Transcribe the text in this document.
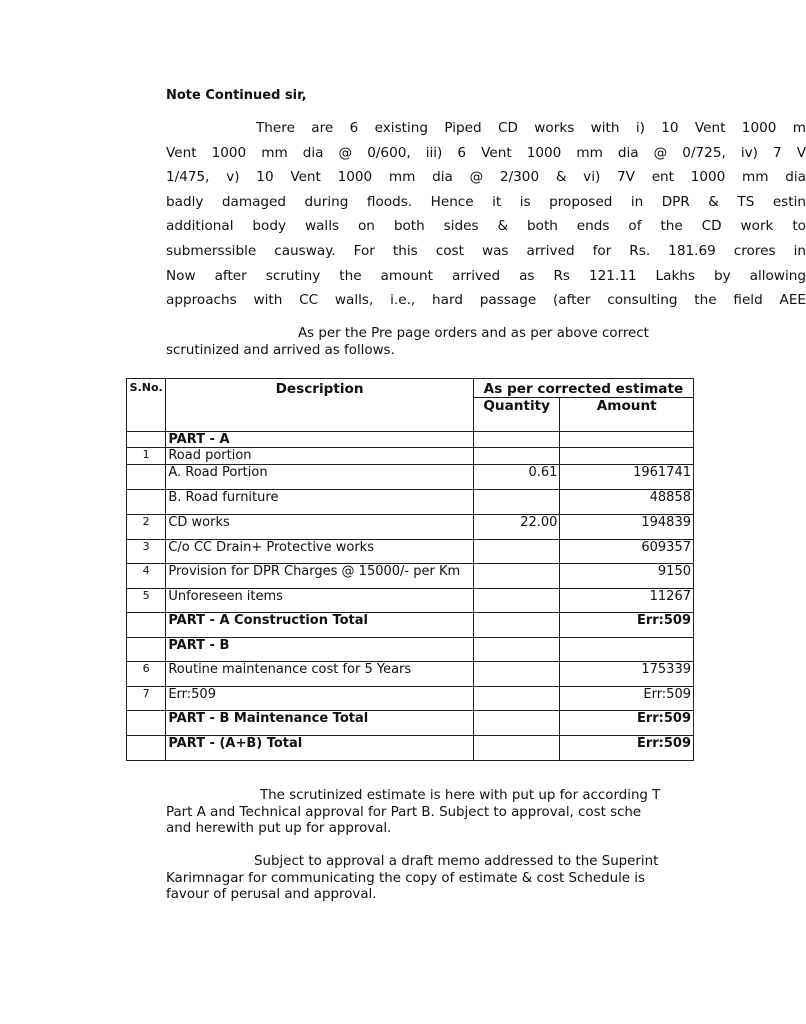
Note Continued sir,
There are 6 existing Piped CD works with i) 10 Vent 1000 m
Vent 1000 mm dia @ 0/600, iii) 6 Vent 1000 mm dia @ 0/725, iv) 7 V
1/475, v) 10 Vent 1000 mm dia @ 2/300 & vi) 7V ent 1000 mm dia
badly damaged during floods. Hence it is proposed in DPR & TS estin
additional body walls on both sides & both ends of the CD work to
submerssible causway. For this cost was arrived for Rs. 181.69 crores in
Now after scrutiny the amount arrived as Rs 121.11 Lakhs by allowing
approachs with CC walls, i.e., hard passage (after consulting the field AEE
As per the Pre page orders and as per above correct
scrutinized and arrived as follows.
S.No.	Description	As per corrected estimate	
		Quantity	Amount

	PART - A		
1	Road portion		
	A. Road Portion	0.61	1961741
	B. Road furniture		48858
2	CD works	22.00	194839
3	C/o CC Drain+ Protective works		609357
4	Provision for DPR Charges @ 15000/- per Km		9150
5	Unforeseen items		11267
	PART - A Construction Total		Err:509
	PART - B		
6	Routine maintenance cost for 5 Years		175339
7	Err:509		Err:509
	PART - B Maintenance Total		Err:509
	PART - (A+B) Total		Err:509
The scrutinized estimate is here with put up for according T
Part A and Technical approval for Part B. Subject to approval, cost sche
and herewith put up for approval.
Subject to approval a draft memo addressed to the Superint
Karimnagar for communicating the copy of estimate & cost Schedule is
favour of perusal and approval.
